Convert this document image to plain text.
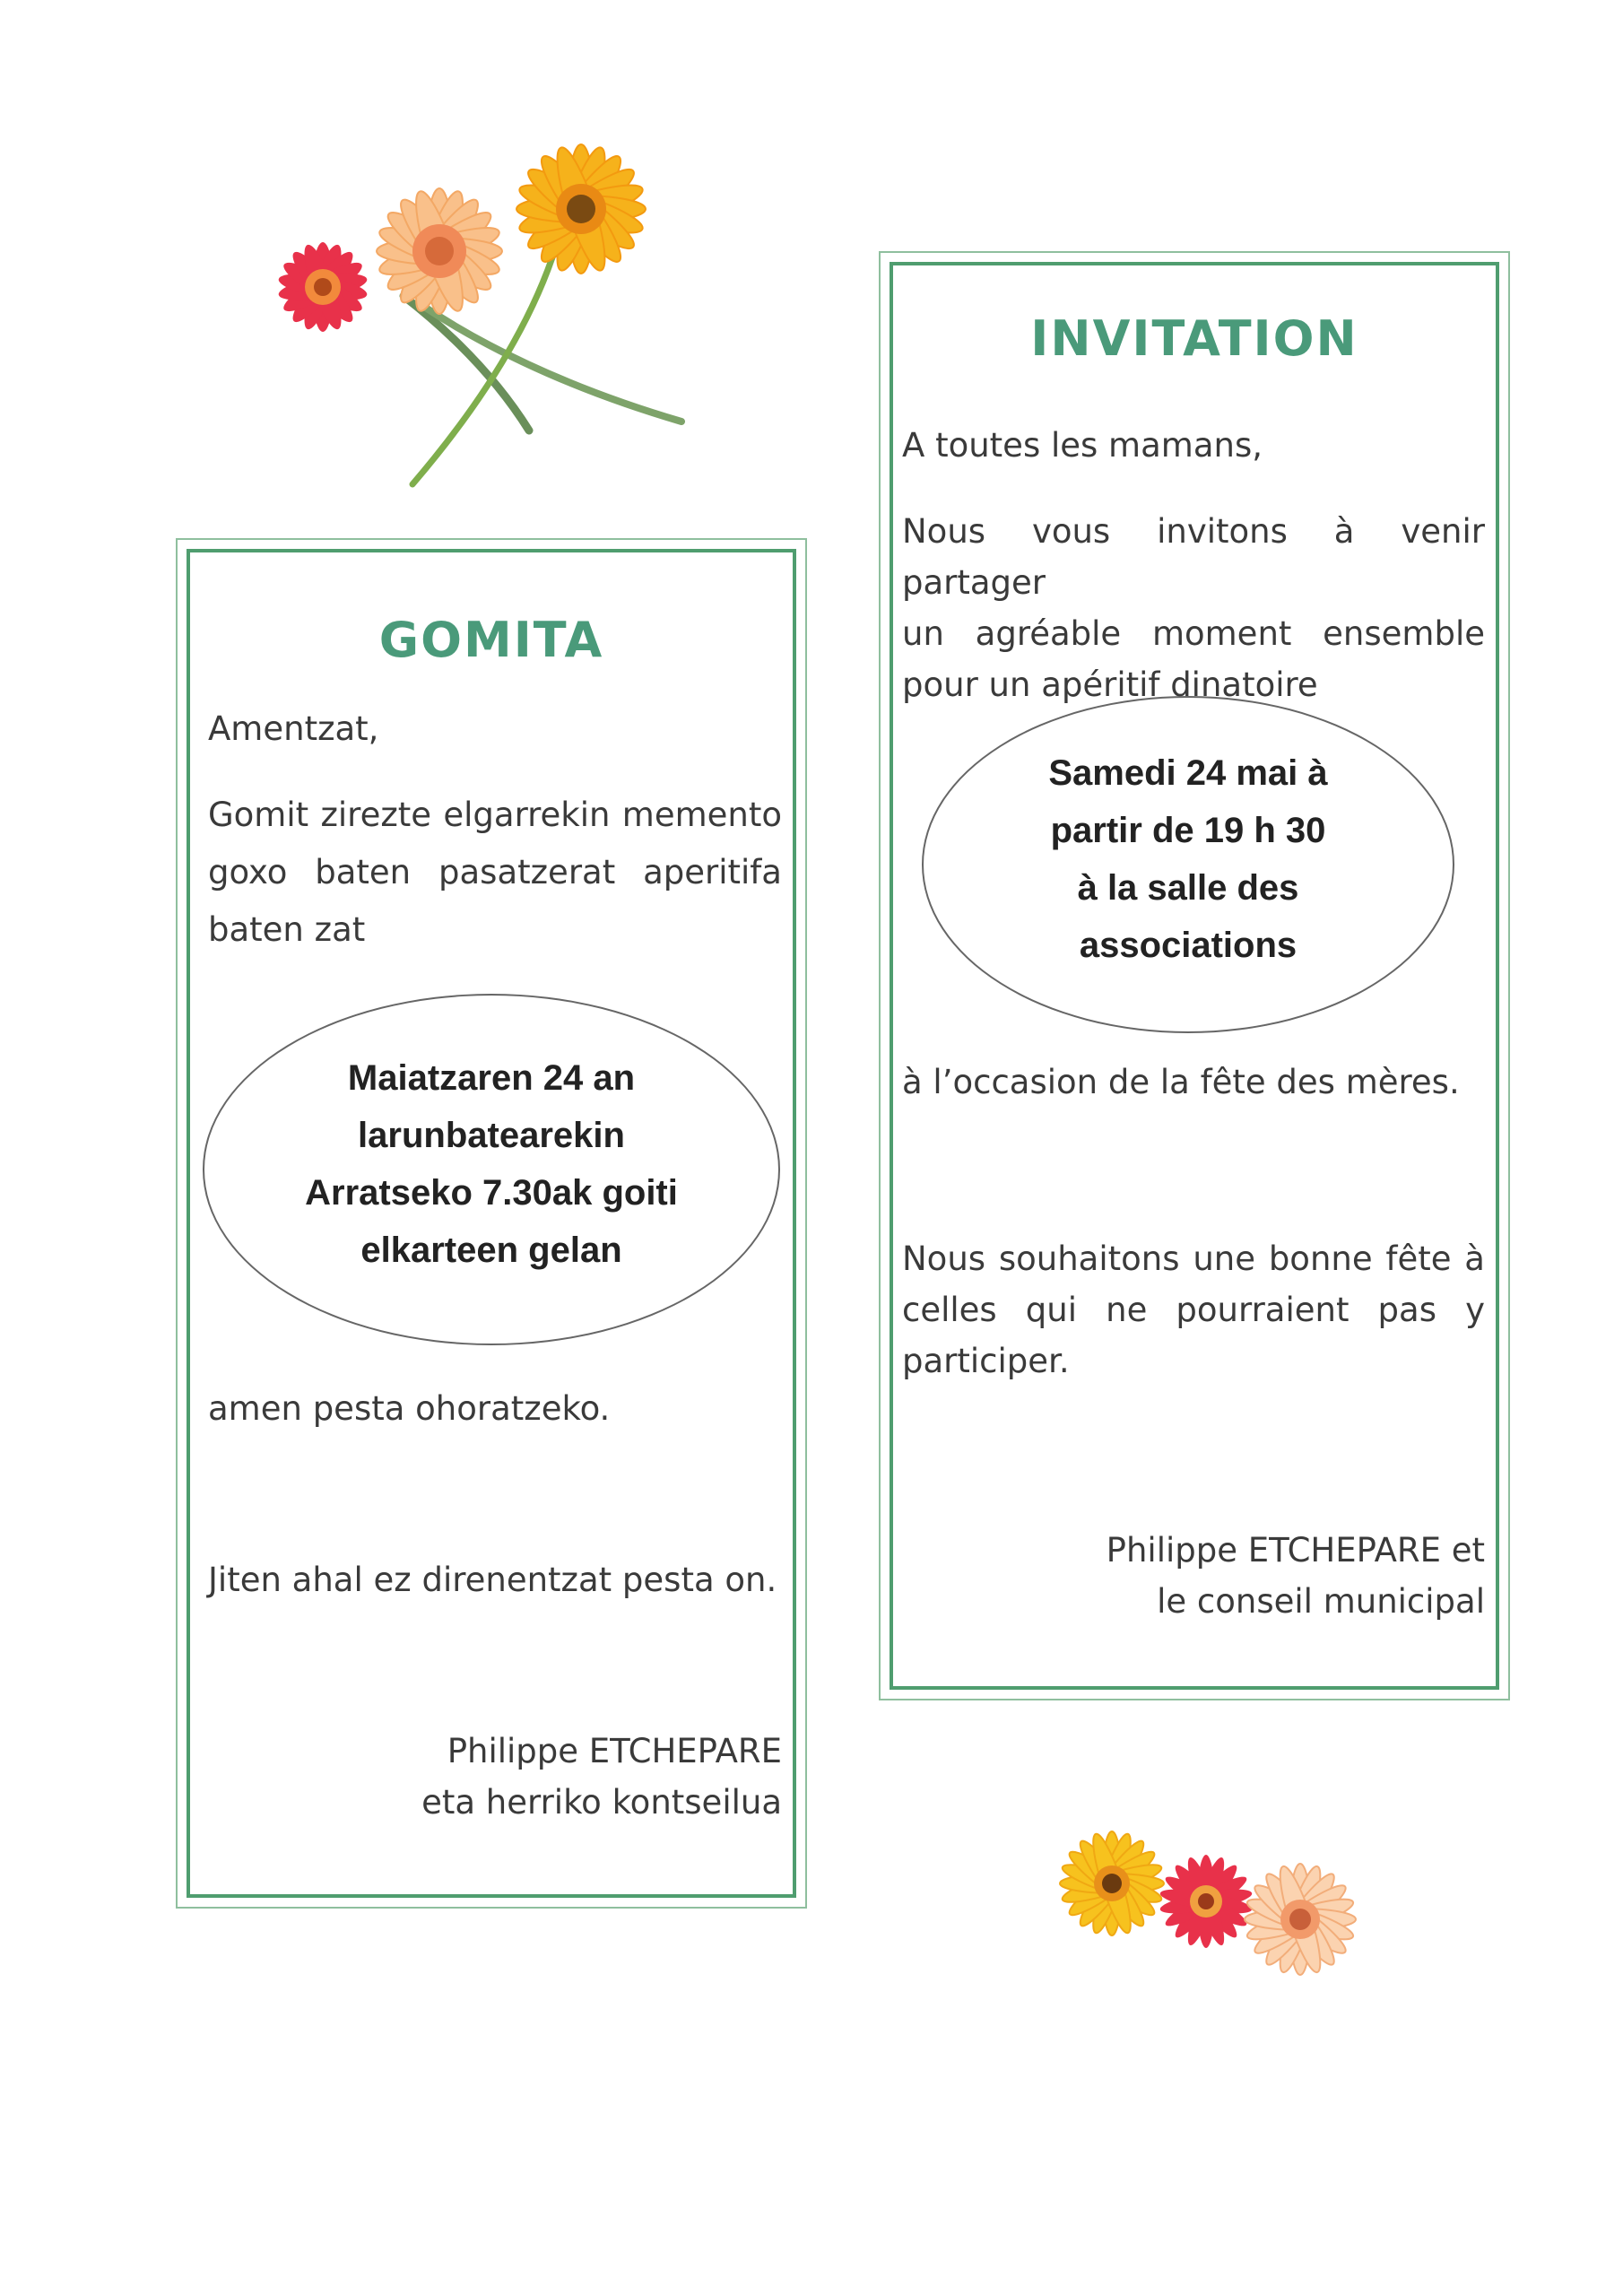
GOMITA

Amentzat,

Gomit zirezte elgarrekin memento

goxo baten pasatzerat aperitifa

baten zat

Maiatzaren 24 an
larunbatearekin
Arratseko 7.30ak goiti
elkarteen gelan

amen pesta ohoratzeko.

Jiten ahal ez direnentzat pesta on.

Philippe ETCHEPARE

eta herriko kontseilua

INVITATION

A toutes les mamans,

Nous vous invitons à venir partager

un agréable moment ensemble

pour un apéritif dinatoire

Samedi 24 mai à
partir de 19 h 30
à la salle des
associations

à l’occasion de la fête des mères.

Nous souhaitons une bonne fête à

celles qui ne pourraient pas y

participer.

Philippe ETCHEPARE et

le conseil municipal
